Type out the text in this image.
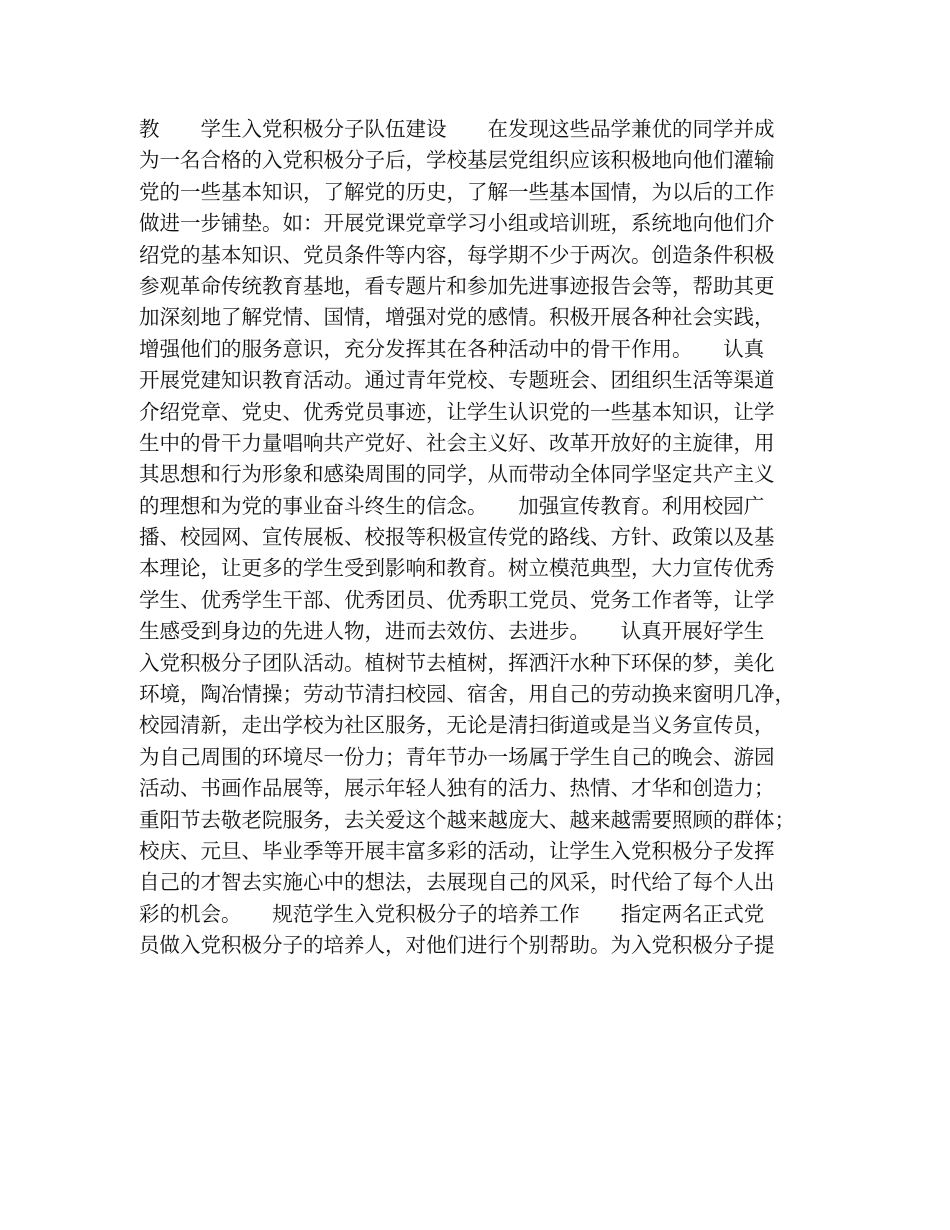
教　　学生入党积极分子队伍建设　　在发现这些品学兼优的同学并成
为一名合格的入党积极分子后，学校基层党组织应该积极地向他们灌输
党的一些基本知识，了解党的历史，了解一些基本国情，为以后的工作
做进一步铺垫。如：开展党课党章学习小组或培训班，系统地向他们介
绍党的基本知识、党员条件等内容，每学期不少于两次。创造条件积极
参观革命传统教育基地，看专题片和参加先进事迹报告会等，帮助其更
加深刻地了解党情、国情，增强对党的感情。积极开展各种社会实践，
增强他们的服务意识，充分发挥其在各种活动中的骨干作用。　　认真
开展党建知识教育活动。通过青年党校、专题班会、团组织生活等渠道
介绍党章、党史、优秀党员事迹，让学生认识党的一些基本知识，让学
生中的骨干力量唱响共产党好、社会主义好、改革开放好的主旋律，用
其思想和行为形象和感染周围的同学，从而带动全体同学坚定共产主义
的理想和为党的事业奋斗终生的信念。　　加强宣传教育。利用校园广
播、校园网、宣传展板、校报等积极宣传党的路线、方针、政策以及基
本理论，让更多的学生受到影响和教育。树立模范典型，大力宣传优秀
学生、优秀学生干部、优秀团员、优秀职工党员、党务工作者等，让学
生感受到身边的先进人物，进而去效仿、去进步。　　认真开展好学生
入党积极分子团队活动。植树节去植树，挥洒汗水种下环保的梦，美化
环境，陶冶情操；劳动节清扫校园、宿舍，用自己的劳动换来窗明几净，
校园清新，走出学校为社区服务，无论是清扫街道或是当义务宣传员，
为自己周围的环境尽一份力；青年节办一场属于学生自己的晚会、游园
活动、书画作品展等，展示年轻人独有的活力、热情、才华和创造力；
重阳节去敬老院服务，去关爱这个越来越庞大、越来越需要照顾的群体；
校庆、元旦、毕业季等开展丰富多彩的活动，让学生入党积极分子发挥
自己的才智去实施心中的想法，去展现自己的风采，时代给了每个人出
彩的机会。　　规范学生入党积极分子的培养工作　　指定两名正式党
员做入党积极分子的培养人，对他们进行个别帮助。为入党积极分子提
